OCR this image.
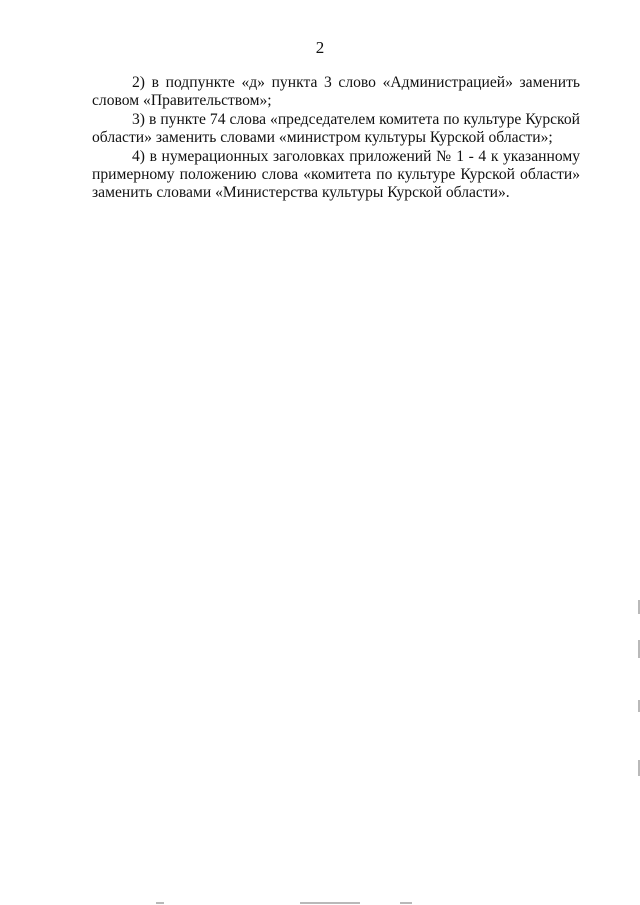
2

2) в подпункте «д» пункта 3 слово «Администрацией» заменить словом «Правительством»;

3) в пункте 74 слова «председателем комитета по культуре Курской области» заменить словами «министром культуры Курской области»;

4) в нумерационных заголовках приложений № 1 - 4 к указанному примерному положению слова «комитета по культуре Курской области» заменить словами «Министерства культуры Курской области».
